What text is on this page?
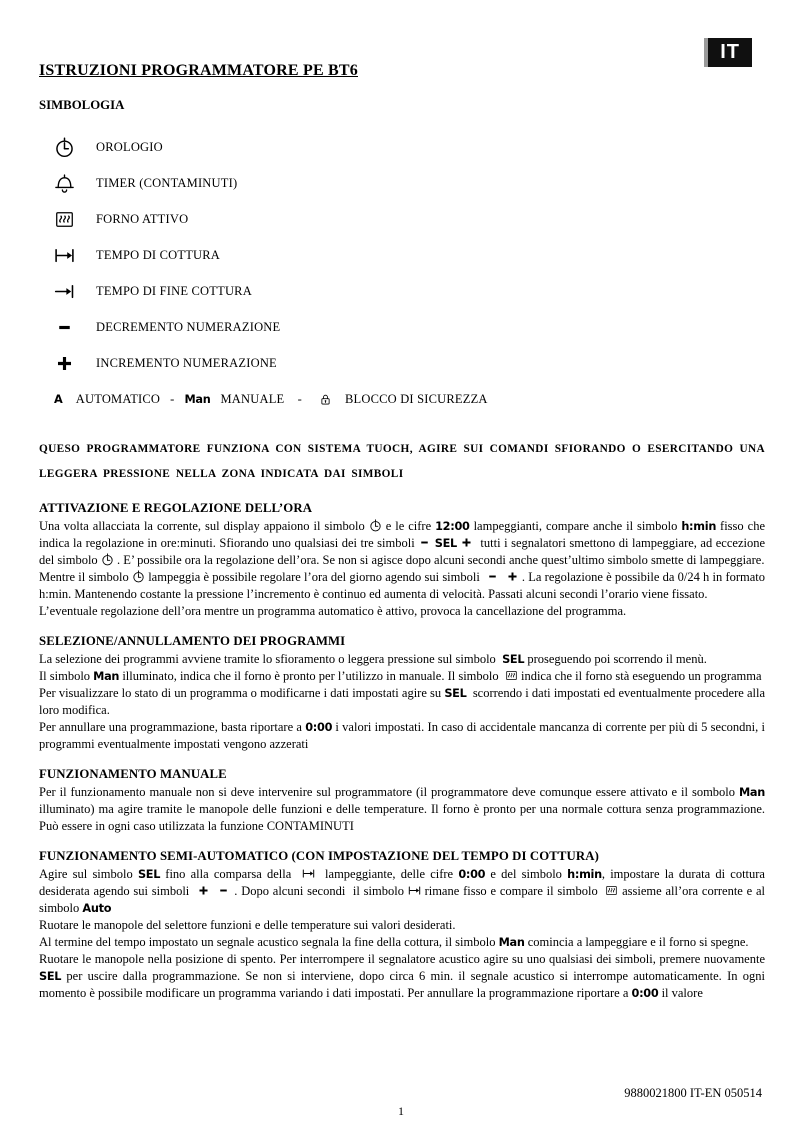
IT
ISTRUZIONI PROGRAMMATORE PE BT6
SIMBOLOGIA
OROLOGIO
TIMER (CONTAMINUTI)
FORNO ATTIVO
TEMPO DI COTTURA
TEMPO DI FINE COTTURA
DECREMENTO NUMERAZIONE
INCREMENTO NUMERAZIONE
A AUTOMATICO   - Man MANUALE    - BLOCCO DI SICUREZZA

QUESO PROGRAMMATORE FUNZIONA CON SISTEMA TUOCH, AGIRE SUI COMANDI SFIORANDO O ESERCITANDO UNA LEGGERA PRESSIONE NELLA ZONA INDICATA DAI SIMBOLI

ATTIVAZIONE E REGOLAZIONE DELL’ORA

Una volta allacciata la corrente, sul display appaiono il simbolo  e le cifre 12:00 lampeggianti, compare anche il simbolo h:min fisso che indica la regolazione in ore:minuti. Sfiorando uno qualsiasi dei tre simboli  SEL   tutti i segnalatori smettono di lampeggiare, ad eccezione del simbolo  . E’ possibile ora la regolazione dell’ora. Se non si agisce dopo alcuni secondi anche quest’ultimo simbolo smette di lampeggiare.

Mentre il simbolo  lampeggia è possibile regolare l’ora del giorno agendo sui simboli	. La regolazione è possibile da 0/24 h in formato h:min. Mantenendo costante la pressione l’incremento è continuo ed aumenta di velocità. Passati alcuni secondi l’orario viene fissato.

L’eventuale regolazione dell’ora mentre un programma automatico è attivo, provoca la cancellazione del programma.

SELEZIONE/ANNULLAMENTO DEI PROGRAMMI

La selezione dei programmi avviene tramite lo sfioramento o leggera pressione sul simbolo  SEL proseguendo poi scorrendo il menù.

Il simbolo Man illuminato, indica che il forno è pronto per l’utilizzo in manuale. Il simbolo   indica che il forno stà eseguendo un programma

Per visualizzare lo stato di un programma o modificarne i dati impostati agire su SEL  scorrendo i dati impostati ed eventualmente procedere alla loro modifica.

Per annullare una programmazione, basta riportare a 0:00 i valori impostati. In caso di accidentale mancanza di corrente per più di 5 secondni, i programmi eventualmente impostati vengono azzerati

FUNZIONAMENTO MANUALE

Per il funzionamento manuale non si deve intervenire sul programmatore (il programmatore deve comunque essere attivato e il sombolo Man illuminato) ma agire tramite le manopole delle funzioni e delle temperature. Il forno è pronto per una normale cottura senza programmazione. Può essere in ogni caso utilizzata la funzione CONTAMINUTI

FUNZIONAMENTO SEMI-AUTOMATICO (CON IMPOSTAZIONE DEL TEMPO DI COTTURA)

Agire sul simbolo SEL fino alla comparsa della    lampeggiante, delle cifre 0:00 e del simbolo h:min, impostare la durata di cottura desiderata agendo sui simboli	. Dopo alcuni secondi  il simbolo  rimane fisso e compare il simbolo   assieme all’ora corrente e al simbolo Auto

Ruotare le manopole del selettore funzioni e delle temperature sui valori desiderati.

Al termine del tempo impostato un segnale acustico segnala la fine della cottura, il simbolo Man comincia a lampeggiare e il forno si spegne.

Ruotare le manopole nella posizione di spento. Per interrompere il segnalatore acustico agire su uno qualsiasi dei simboli, premere nuovamente SEL per uscire dalla programmazione. Se non si interviene, dopo circa 6 min. il segnale acustico si interrompe automaticamente. In ogni momento è possibile modificare un programma variando i dati impostati. Per annullare la programmazione riportare a 0:00 il valore

9880021800 IT-EN 050514
1
